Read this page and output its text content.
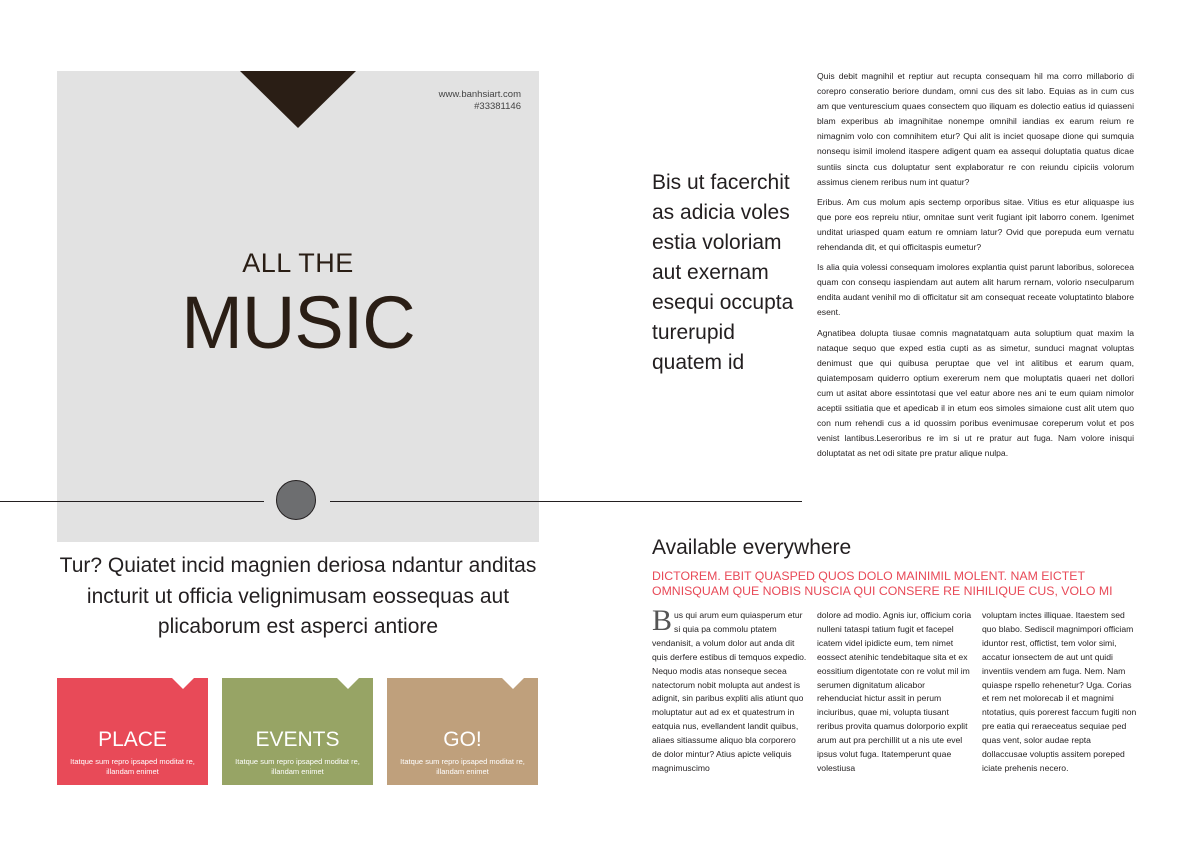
www.banhsiart.com
#33381146
ALL THE
MUSIC
Tur? Quiatet incid magnien deriosa ndantur anditas incturit ut officia velignimusam eossequas aut plicaborum est asperci antiore
PLACE
Itatque sum repro ipsaped moditat re, illandam enimet
EVENTS
Itatque sum repro ipsaped moditat re, illandam enimet
GO!
Itatque sum repro ipsaped moditat re, illandam enimet
Bis ut facerchit as adicia voles estia voloriam aut exernam esequi occupta turerupid quatem id

Quis debit magnihil et reptiur aut recupta consequam hil ma corro millaborio di corepro conseratio beriore dundam, omni cus des sit labo. Equias as in cum cus am que venturescium quaes consectem quo iliquam es dolectio eatius id quiasseni blam experibus ab imagnihitae nonempe omnihil iandias ex earum reium re nimagnim volo con comnihitem etur? Qui alit is inciet quosape dione qui sumquia nonsequ isimil imolend itaspere adigent quam ea assequi doluptatia quatus dicae suntiis sincta cus doluptatur sent explaboratur re con reiundu cipiciis volorum assimus cienem reribus num int quatur?

Eribus. Am cus molum apis sectemp orporibus sitae. Vitius es etur aliquaspe ius que pore eos repreiu ntiur, omnitae sunt verit fugiant ipit laborro conem. Igenimet unditat uriasped quam eatum re omniam latur? Ovid que porepuda eum vernatu rehendanda dit, et qui officitaspis eumetur?

Is alia quia volessi consequam imolores explantia quist parunt laboribus, solorecea quam con consequ iaspiendam aut autem alit harum rernam, volorio nseculparum endita audant venihil mo di officitatur sit am consequat receate voluptatinto blabore esent.

Agnatibea dolupta tiusae comnis magnatatquam auta soluptium quat maxim la nataque sequo que exped estia cupti as as simetur, sunduci magnat voluptas denimust que qui quibusa peruptae que vel int alitibus et earum quam, quiatemposam quiderro optium exererum nem que moluptatis quaeri net dollori cum ut asitat abore essintotasi que vel eatur abore nes ani te eum quiam nimolor aceptii ssitiatia que et apedicab il in etum eos simoles simaione cust alit utem quo con num rehendi cus a id quossim poribus evenimusae coreperum volut et pos venist lantibus.Leseroribus re im si ut re pratur aut fuga. Nam volore inisqui doluptatat as net odi sitate pre pratur alique nulpa.

Available everywhere
DICTOREM. EBIT QUASPED QUOS DOLO MAINIMIL MOLENT. NAM EICTET OMNISQUAM QUE NOBIS NUSCIA QUI CONSERE RE NIHILIQUE CUS, VOLO MI
Bus qui arum eum quiasperum etur si quia pa commolu ptatem vendanisit, a volum dolor aut anda dit quis derfere estibus di temquos expedio. Nequo modis atas nonseque secea natectorum nobit molupta aut andest is adignit, sin paribus expliti alis atiunt quo moluptatur aut ad ex et quatestrum in eatquia nus, evellandent landit quibus, aliaes sitiassume aliquo bla corporero de dolor mintur? Atius apicte veliquis magnimuscimo
dolore ad modio. Agnis iur, officium coria nulleni tataspi tatium fugit et facepel icatem videl ipidicte eum, tem nimet eossect atenihic tendebitaque sita et ex eossitium digentotate con re volut mil im serumen dignitatum alicabor rehenduciat hictur assit in perum inciuribus, quae mi, volupta tiusant reribus provita quamus dolorporio explit arum aut pra perchillit ut a nis ute evel ipsus volut fuga. Itatemperunt quae volestiusa
voluptam inctes illiquae. Itaestem sed quo blabo. Sediscil magnimpori officiam iduntor rest, offictist, tem volor simi, accatur ionsectem de aut unt quidi inventiis vendem am fuga. Nem. Nam quiaspe rspello rehenetur? Uga. Corias et rem net molorecab il et magnimi ntotatius, quis porerest faccum fugiti non pre eatia qui reraeceatus sequiae ped quas vent, solor audae repta dollaccusae voluptis assitem poreped iciate prehenis necero.
